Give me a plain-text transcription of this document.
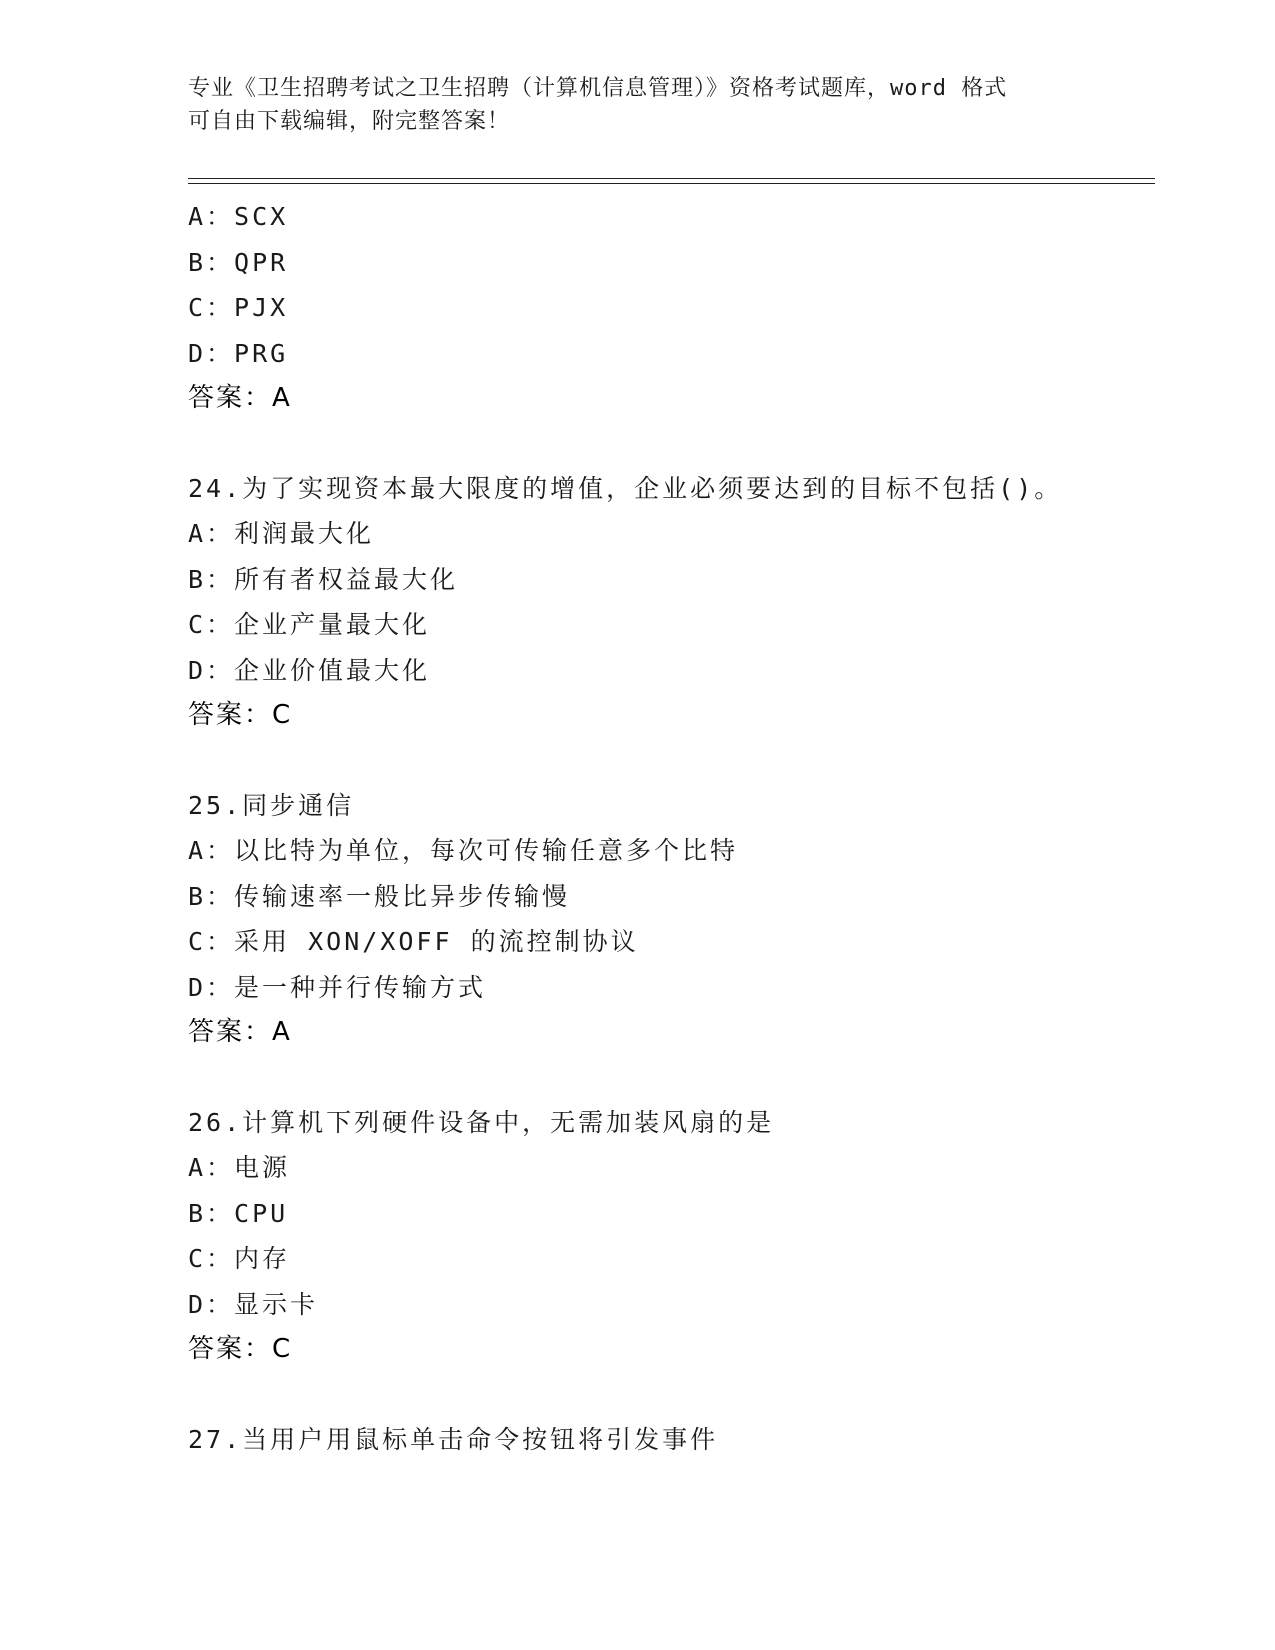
专业《卫生招聘考试之卫生招聘（计算机信息管理）》资格考试题库，word 格式
可自由下载编辑，附完整答案！
A：SCX
B：QPR
C：PJX
D：PRG
答案：A
24.为了实现资本最大限度的增值，企业必须要达到的目标不包括()。
A：利润最大化
B：所有者权益最大化
C：企业产量最大化
D：企业价值最大化
答案：C
25.同步通信
A：以比特为单位，每次可传输任意多个比特
B：传输速率一般比异步传输慢
C：采用 XON/XOFF 的流控制协议
D：是一种并行传输方式
答案：A
26.计算机下列硬件设备中，无需加装风扇的是
A：电源
B：CPU
C：内存
D：显示卡
答案：C
27.当用户用鼠标单击命令按钮将引发事件
